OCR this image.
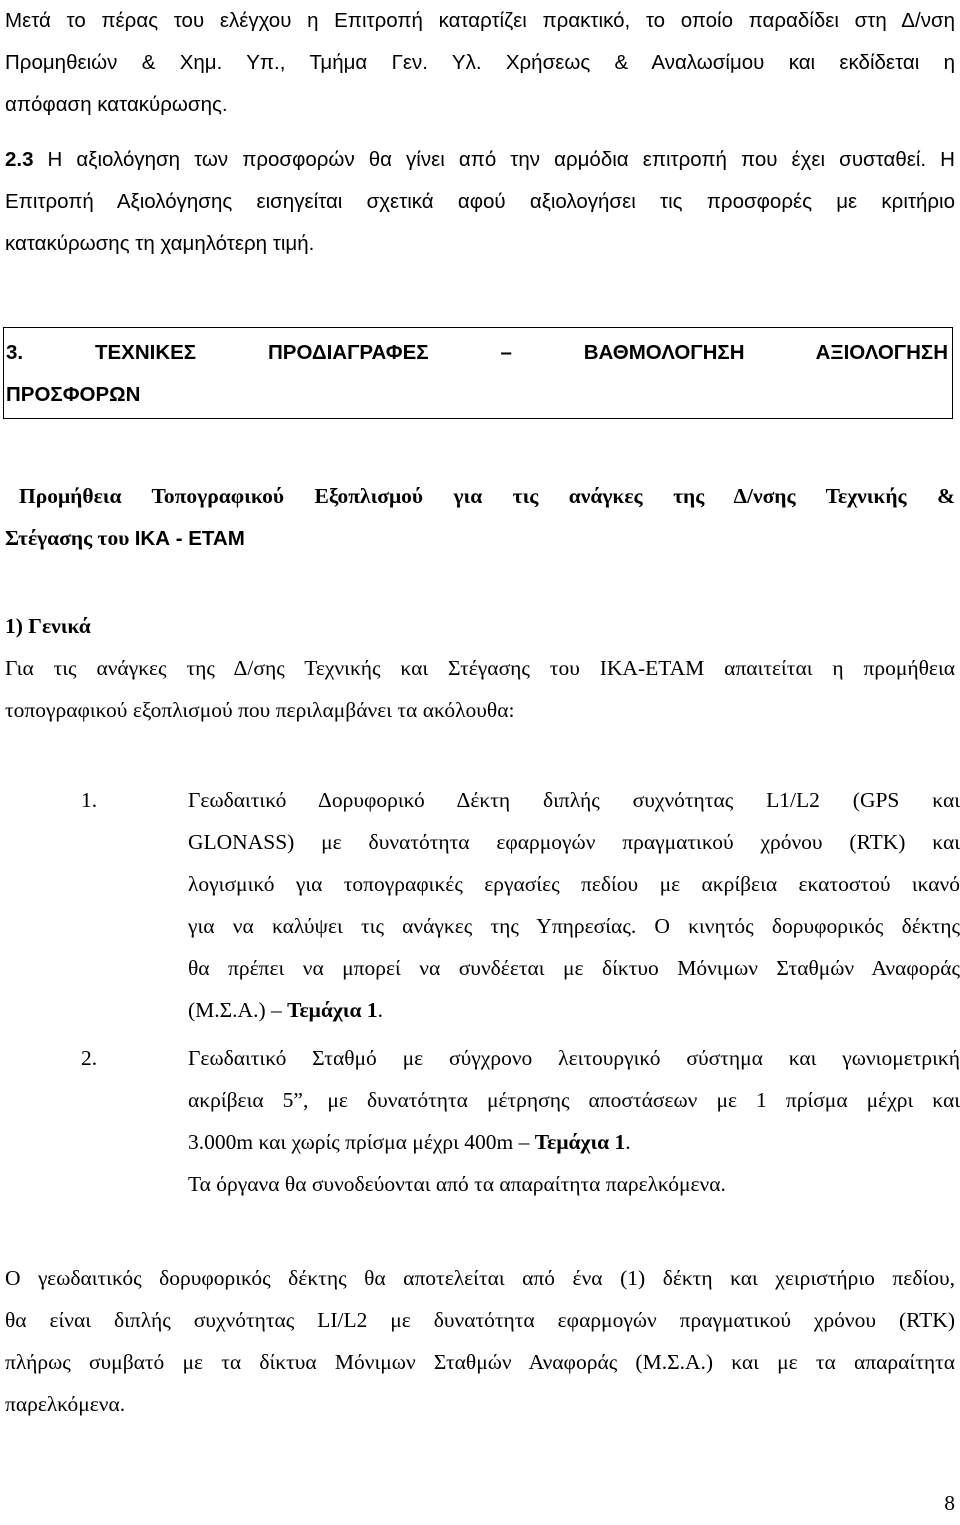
Μετά το πέρας του ελέγχου η Επιτροπή καταρτίζει πρακτικό, το οποίο παραδίδει στη Δ/νση
Προμηθειών & Χημ. Υπ., Τμήμα Γεν. Υλ. Χρήσεως & Αναλωσίμου και εκδίδεται η
απόφαση κατακύρωσης.
2.3 Η αξιολόγηση των προσφορών θα γίνει από την αρμόδια επιτροπή που έχει συσταθεί. Η
Επιτροπή Αξιολόγησης εισηγείται σχετικά αφού αξιολογήσει τις προσφορές με κριτήριο
κατακύρωσης τη χαμηλότερη τιμή.
3. ΤΕΧΝΙΚΕΣ ΠΡΟΔΙΑΓΡΑΦΕΣ – ΒΑΘΜΟΛΟΓΗΣΗ ΑΞΙΟΛΟΓΗΣΗ
ΠΡΟΣΦΟΡΩΝ
Προμήθεια Τοπογραφικού Εξοπλισμού για τις ανάγκες της Δ/νσης Τεχνικής &
Στέγασης του ΙΚΑ - ΕΤΑΜ
1) Γενικά
Για τις ανάγκες της Δ/σης Τεχνικής και Στέγασης του ΙΚΑ-ΕΤΑΜ απαιτείται η προμήθεια
τοπογραφικού εξοπλισμού που περιλαμβάνει τα ακόλουθα:
1.	Γεωδαιτικό Δορυφορικό Δέκτη διπλής συχνότητας L1/L2 (GPS και
GLONASS) με δυνατότητα εφαρμογών πραγματικού χρόνου (RTK) και
λογισμικό για τοπογραφικές εργασίες πεδίου με ακρίβεια εκατοστού ικανό
για να καλύψει τις ανάγκες της Υπηρεσίας. Ο κινητός δορυφορικός δέκτης
θα πρέπει να μπορεί να συνδέεται με δίκτυο Μόνιμων Σταθμών Αναφοράς
(Μ.Σ.Α.) – Τεμάχια 1.
2.	Γεωδαιτικό Σταθμό με σύγχρονο λειτουργικό σύστημα και γωνιομετρική
ακρίβεια 5”, με δυνατότητα μέτρησης αποστάσεων με 1 πρίσμα μέχρι και
3.000m και χωρίς πρίσμα μέχρι 400m – Τεμάχια 1.
Τα όργανα θα συνοδεύονται από τα απαραίτητα παρελκόμενα.
Ο γεωδαιτικός δορυφορικός δέκτης θα αποτελείται από ένα (1) δέκτη και χειριστήριο πεδίου,
θα είναι διπλής συχνότητας LI/L2 με δυνατότητα εφαρμογών πραγματικού χρόνου (RTK)
πλήρως συμβατό με τα δίκτυα Μόνιμων Σταθμών Αναφοράς (Μ.Σ.Α.) και με τα απαραίτητα
παρελκόμενα.
8
